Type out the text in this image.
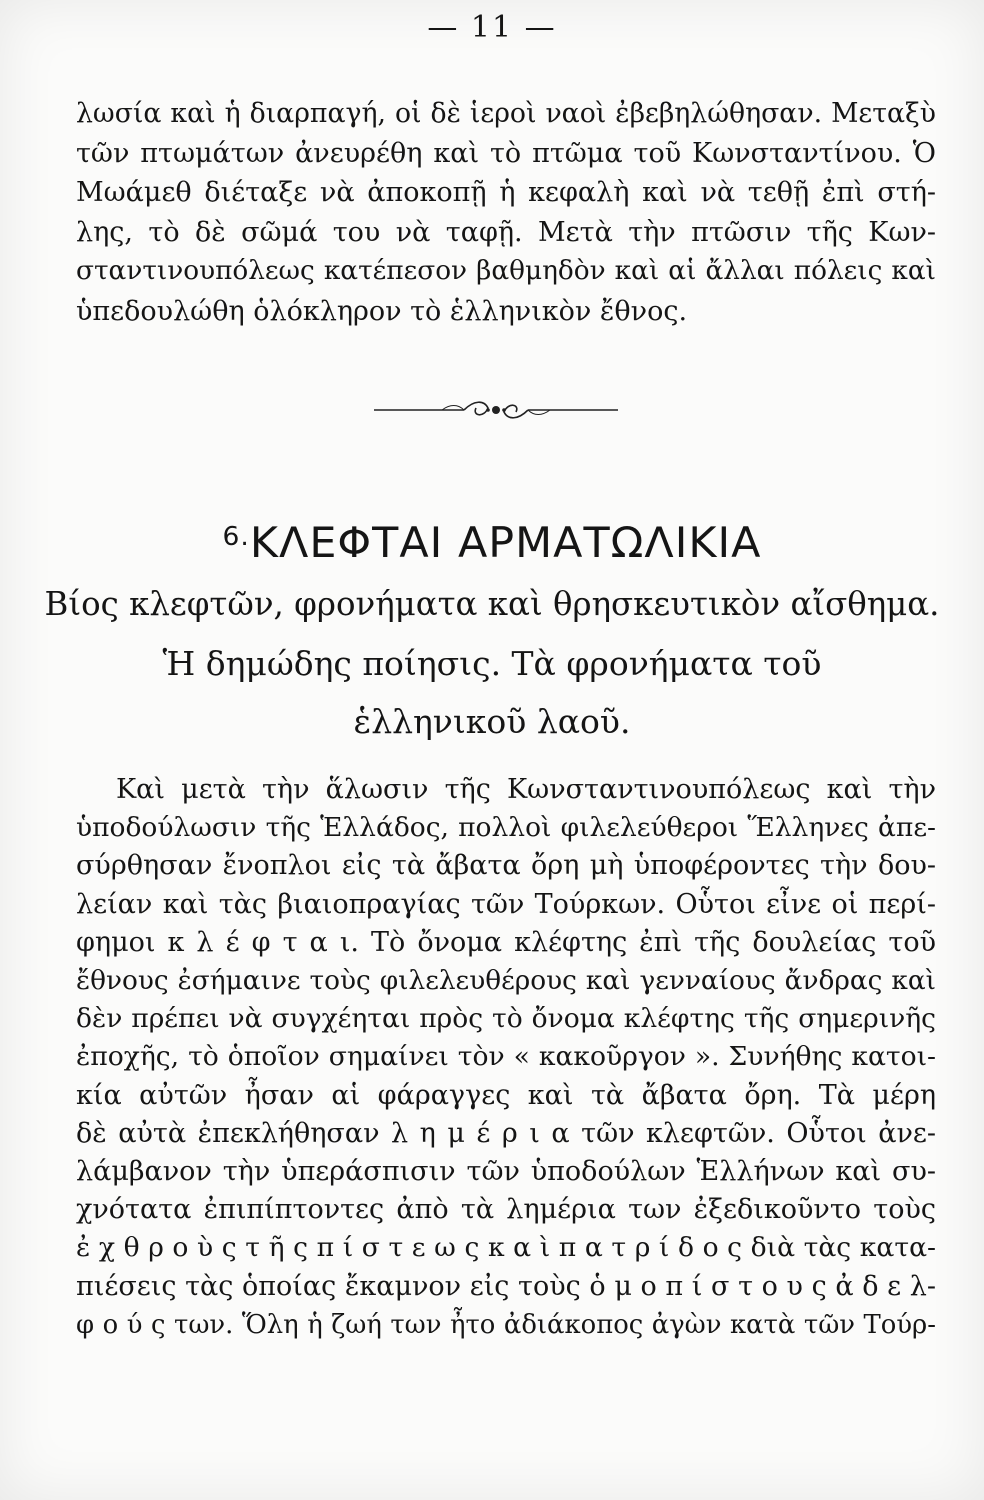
— 11 —
λωσία καὶ ἡ διαρπαγή, οἱ δὲ ἱεροὶ ναοὶ ἐβεβηλώθησαν. Μεταξὺ
τῶν πτωμάτων ἀνευρέθη καὶ τὸ πτῶμα τοῦ Κωνσταντίνου. Ὁ
Μωάμεθ διέταξε νὰ ἀποκοπῇ ἡ κεφαλὴ καὶ νὰ τεθῇ ἐπὶ στή-
λης, τὸ δὲ σῶμά του νὰ ταφῇ. Μετὰ τὴν πτῶσιν τῆς Κων-
σταντινουπόλεως κατέπεσον βαθμηδὸν καὶ αἱ ἄλλαι πόλεις καὶ
ὑπεδουλώθη ὁλόκληρον τὸ ἑλληνικὸν ἔθνος.
$^{6.}$ΚΛΕΦΤΑΙ ΑΡΜΑΤΩΛΙΚΙΑ
Βίος κλεφτῶν, φρονήματα καὶ θρησκευτικὸν αἴσθημα.
Ἡ δημώδης ποίησις. Τὰ φρονήματα τοῦ
ἑλληνικοῦ λαοῦ.
Καὶ μετὰ τὴν ἅλωσιν τῆς Κωνσταντινουπόλεως καὶ τὴν
ὑποδούλωσιν τῆς Ἑλλάδος, πολλοὶ φιλελεύθεροι Ἕλληνες ἀπε-
σύρθησαν ἔνοπλοι εἰς τὰ ἄβατα ὄρη μὴ ὑποφέροντες τὴν δου-
λείαν καὶ τὰς βιαιοπραγίας τῶν Τούρκων. Οὗτοι εἶνε οἱ περί-
φημοι κ λ έ φ τ α ι. Τὸ ὄνομα κλέφτης ἐπὶ τῆς δουλείας τοῦ
ἔθνους ἐσήμαινε τοὺς φιλελευθέρους καὶ γενναίους ἄνδρας καὶ
δὲν πρέπει νὰ συγχέηται πρὸς τὸ ὄνομα κλέφτης τῆς σημερινῆς
ἐποχῆς, τὸ ὁποῖον σημαίνει τὸν « κακοῦργον ». Συνήθης κατοι-
κία αὐτῶν ἦσαν αἱ φάραγγες καὶ τὰ ἄβατα ὄρη. Τὰ μέρη
δὲ αὐτὰ ἐπεκλήθησαν λ η μ έ ρ ι α τῶν κλεφτῶν. Οὗτοι ἀνε-
λάμβανον τὴν ὑπεράσπισιν τῶν ὑποδούλων Ἑλλήνων καὶ συ-
χνότατα ἐπιπίπτοντες ἀπὸ τὰ λημέρια των ἐξεδικοῦντο τοὺς
ἐ χ θ ρ ο ὺ ς τ ῆ ς π ί σ τ ε ω ς κ α ὶ π α τ ρ ί δ ο ς διὰ τὰς κατα-
πιέσεις τὰς ὁποίας ἔκαμνον εἰς τοὺς ὁ μ ο π ί σ τ ο υ ς ἀ δ ε λ-
φ ο ύ ς των. Ὅλη ἡ ζωή των ἦτο ἀδιάκοπος ἀγὼν κατὰ τῶν Τούρ-
